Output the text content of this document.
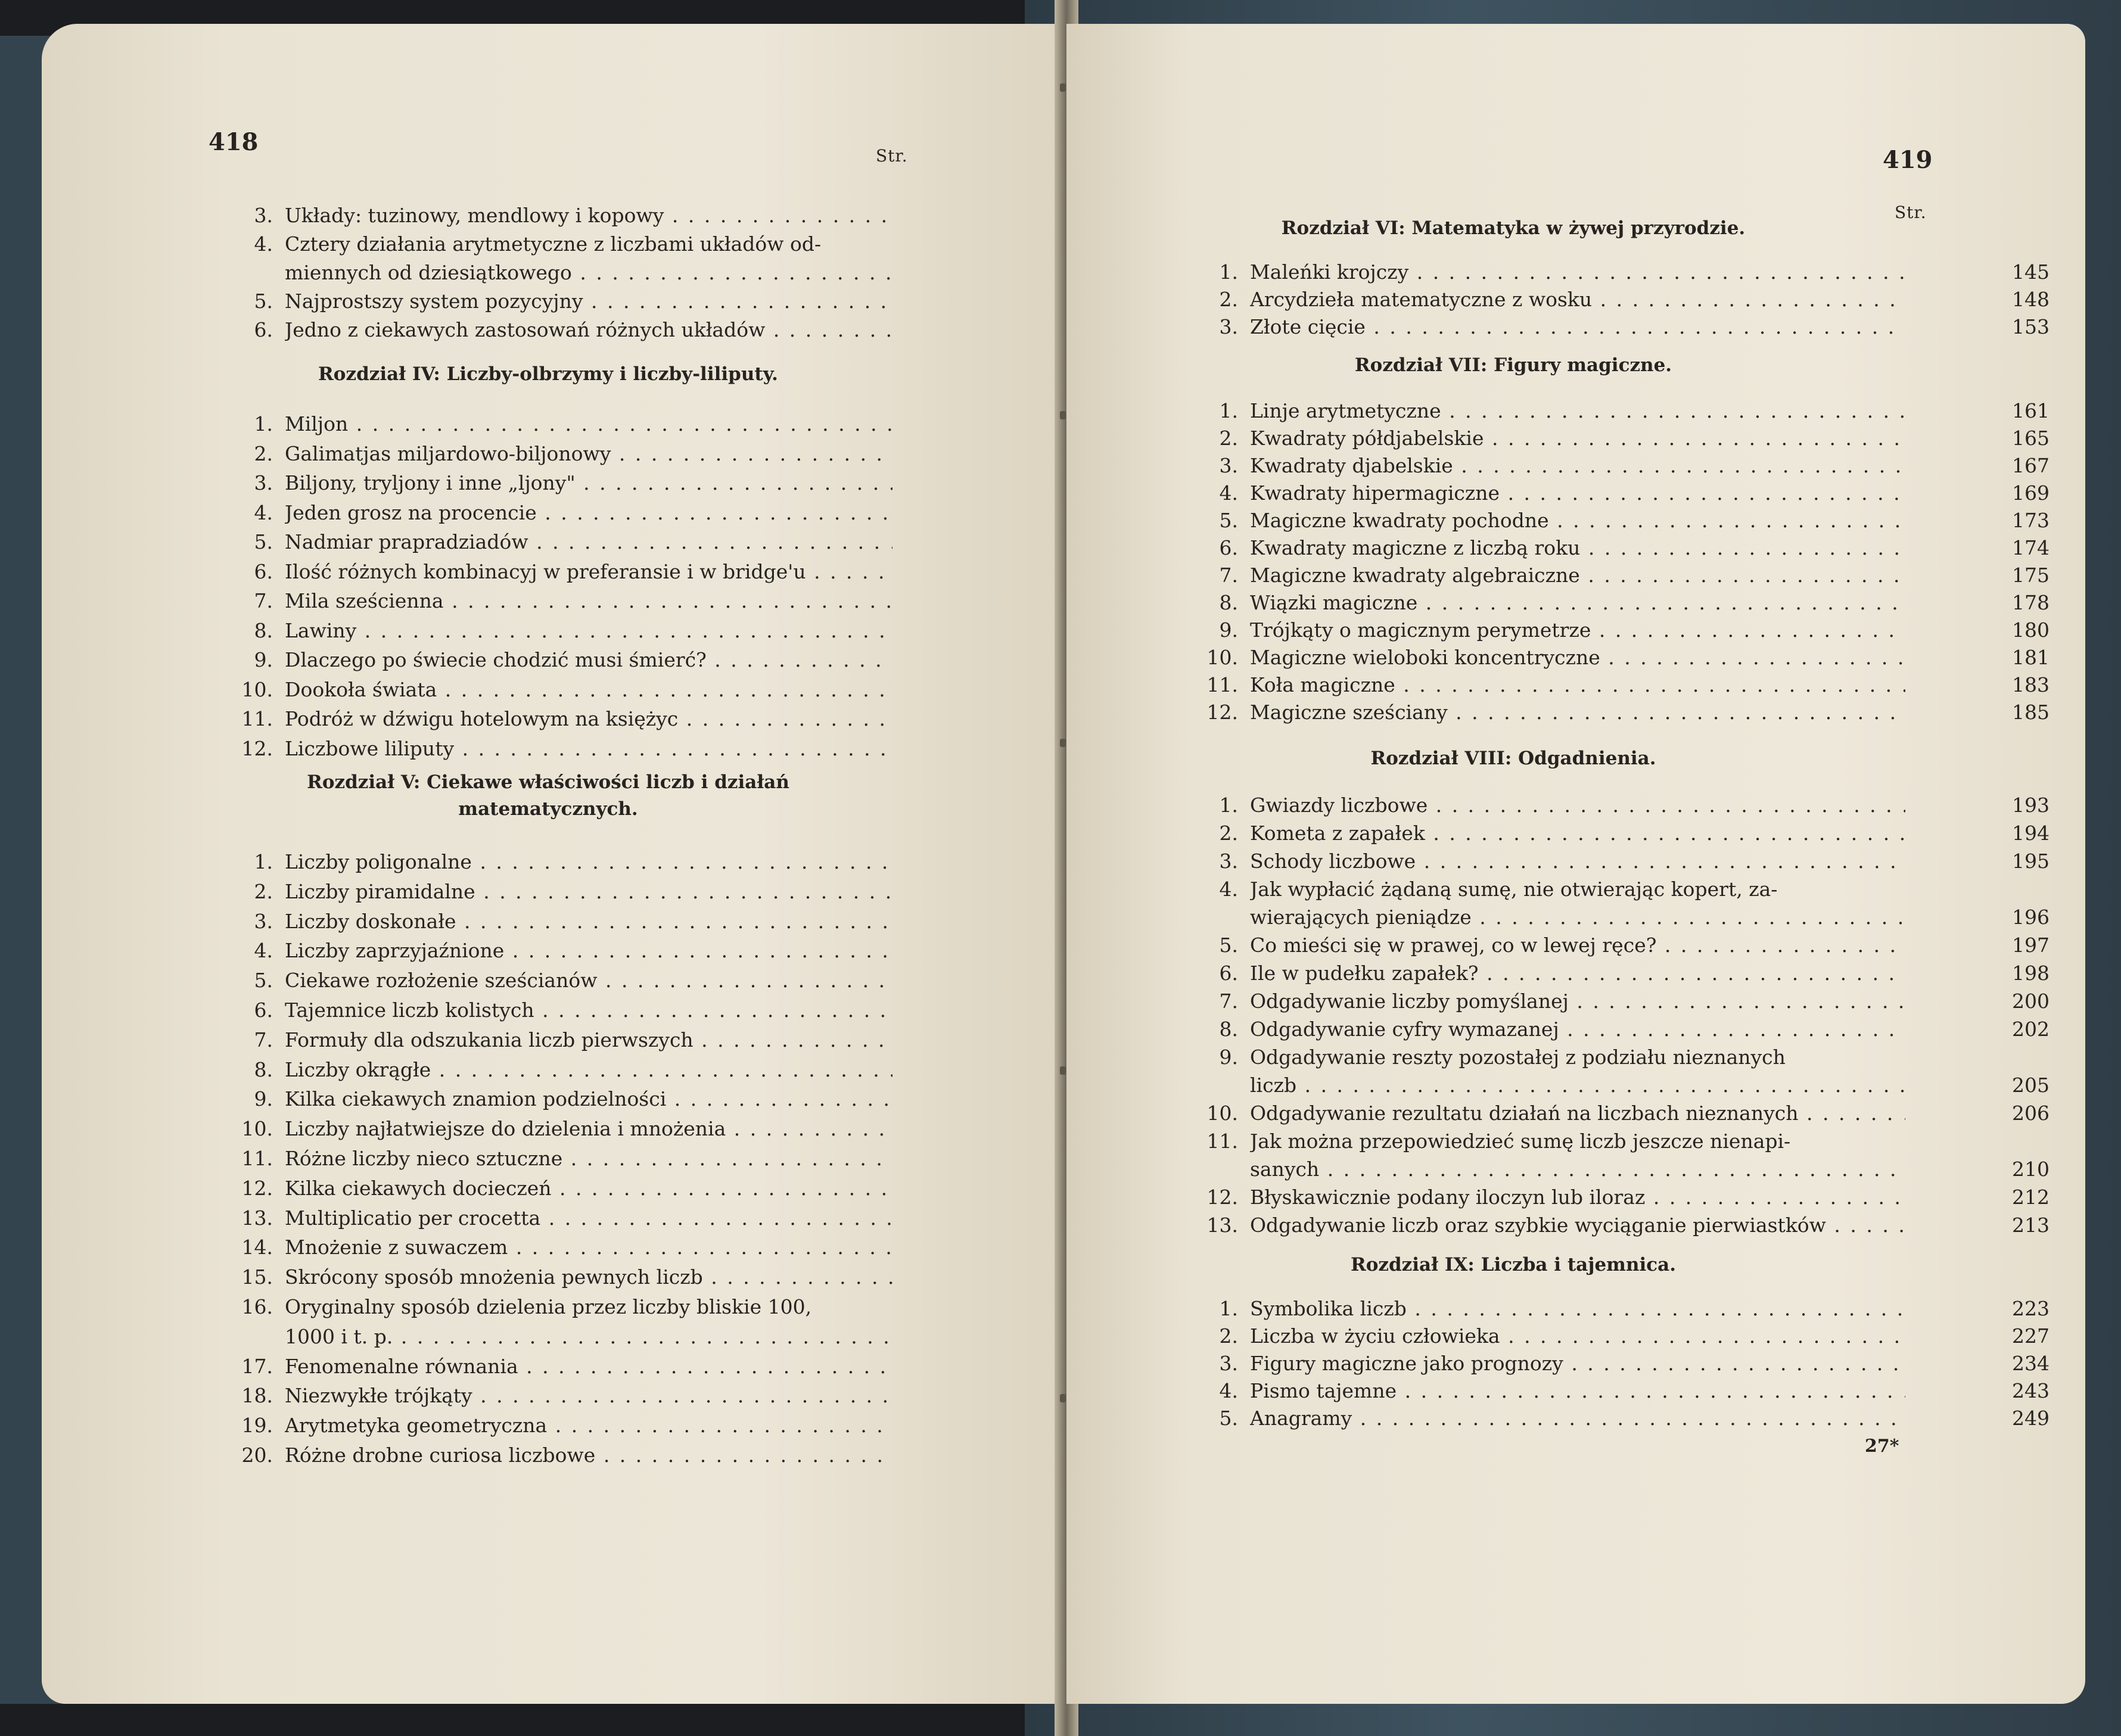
418	Str.
3. Układy: tuzinowy, mendlowy i kopowy . . .
4. Cztery działania arytmetyczne z liczbami układów od-
miennych od dziesiątkowego . . .
5. Najprostszy system pozycyjny . . .
6. Jedno z ciekawych zastosowań różnych układów . . .
Rozdział IV: Liczby-olbrzymy i liczby-liliputy.
1. Miljon . . .
2. Galimatjas miljardowo-biljonowy . . .
3. Biljony, tryljony i inne „ljony" . . .
4. Jeden grosz na procencie . . .
5. Nadmiar prapradziadów . . .
6. Ilość różnych kombinacyj w preferansie i w bridge'u . . .
7. Mila sześcienna . . .
8. Lawiny . . .
9. Dlaczego po świecie chodzić musi śmierć? . . .
10. Dookoła świata . . .
11. Podróż w dźwigu hotelowym na księżyc . . .
12. Liczbowe liliputy . . .
Rozdział V: Ciekawe właściwości liczb i działań
matematycznych.
1. Liczby poligonalne . . .
2. Liczby piramidalne . . .
3. Liczby doskonałe . . .
4. Liczby zaprzyjaźnione . . .
5. Ciekawe rozłożenie sześcianów . . .
6. Tajemnice liczb kolistych . . .
7. Formuły dla odszukania liczb pierwszych . . .
8. Liczby okrągłe . . .
9. Kilka ciekawych znamion podzielności . . .
10. Liczby najłatwiejsze do dzielenia i mnożenia . . .
11. Różne liczby nieco sztuczne . . .
12. Kilka ciekawych docieczeń . . .
13. Multiplicatio per crocetta . . .
14. Mnożenie z suwaczem . . .
15. Skrócony sposób mnożenia pewnych liczb . . .
16. Oryginalny sposób dzielenia przez liczby bliskie 100,
1000 i t. p. . . .
17. Fenomenalne równania . . .
18. Niezwykłe trójkąty . . .
19. Arytmetyka geometryczna . . .
20. Różne drobne curiosa liczbowe . . .
419
Str.
Rozdział VI: Matematyka w żywej przyrodzie.
1. Maleńki krojczy . . .	145
2. Arcydzieła matematyczne z wosku . . .	148
3. Złote cięcie . . .	153
Rozdział VII: Figury magiczne.
1. Linje arytmetyczne . . .	161
2. Kwadraty półdjabelskie . . .	165
3. Kwadraty djabelskie . . .	167
4. Kwadraty hipermagiczne . . .	169
5. Magiczne kwadraty pochodne . . .	173
6. Kwadraty magiczne z liczbą roku . . .	174
7. Magiczne kwadraty algebraiczne . . .	175
8. Wiązki magiczne . . .	178
9. Trójkąty o magicznym perymetrze . . .	180
10. Magiczne wieloboki koncentryczne . . .	181
11. Koła magiczne . . .	183
12. Magiczne sześciany . . .	185
Rozdział VIII: Odgadnienia.
1. Gwiazdy liczbowe . . .	193
2. Kometa z zapałek . . .	194
3. Schody liczbowe . . .	195
4. Jak wypłacić żądaną sumę, nie otwierając kopert, za-
wierających pieniądze . . .	196
5. Co mieści się w prawej, co w lewej ręce? . . .	197
6. Ile w pudełku zapałek? . . .	198
7. Odgadywanie liczby pomyślanej . . .	200
8. Odgadywanie cyfry wymazanej . . .	202
9. Odgadywanie reszty pozostałej z podziału nieznanych
liczb . . .	205
10. Odgadywanie rezultatu działań na liczbach nieznanych . . .	206
11. Jak można przepowiedzieć sumę liczb jeszcze nienapi-
sanych . . .	210
12. Błyskawicznie podany iloczyn lub iloraz . . .	212
13. Odgadywanie liczb oraz szybkie wyciąganie pierwiastków . . .	213
Rozdział IX: Liczba i tajemnica.
1. Symbolika liczb . . .	223
2. Liczba w życiu człowieka . . .	227
3. Figury magiczne jako prognozy . . .	234
4. Pismo tajemne . . .	243
5. Anagramy . . .	249
27*
